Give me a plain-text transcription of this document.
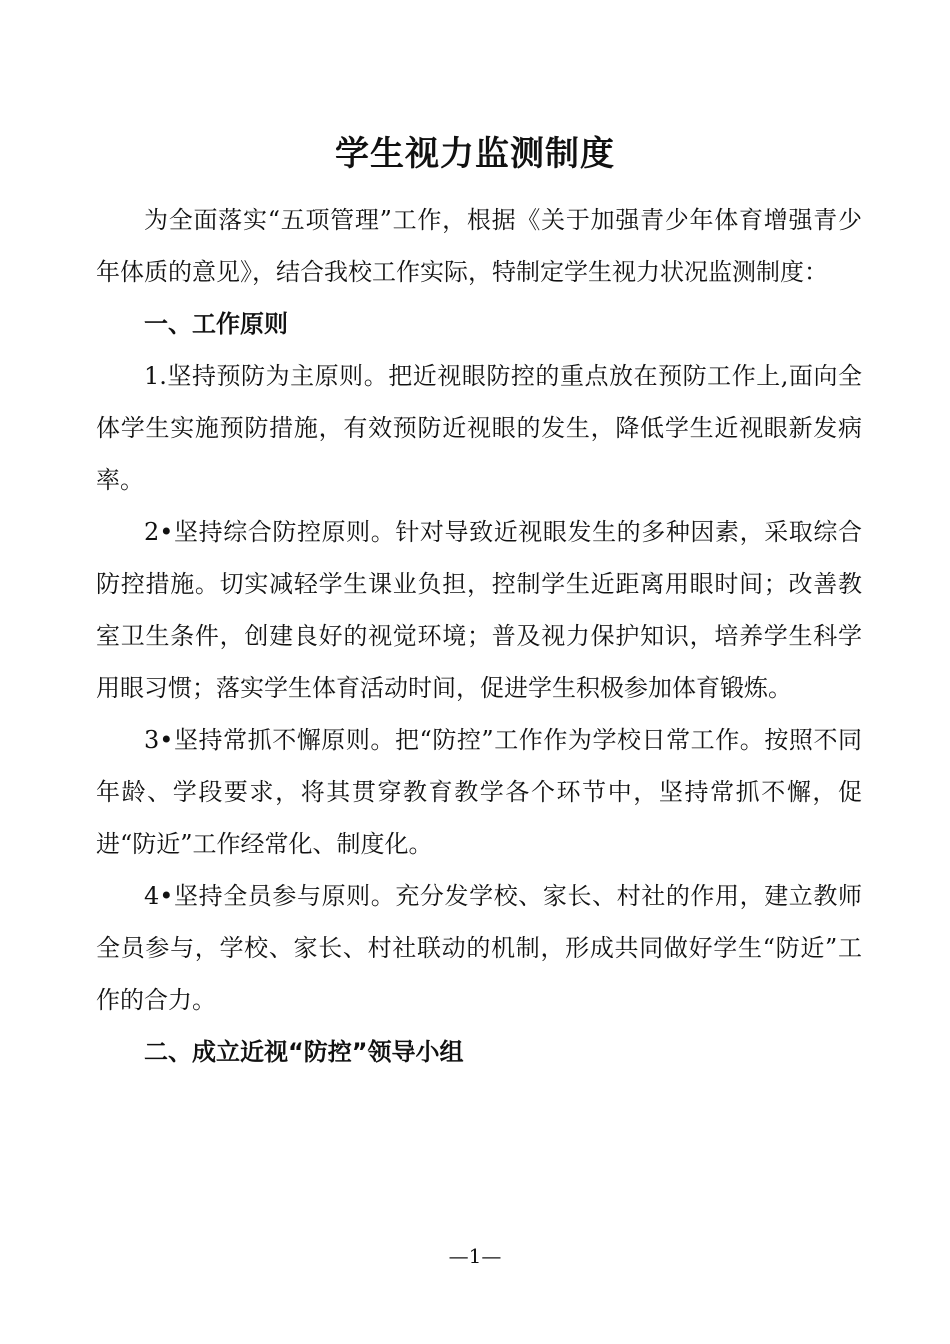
学生视力监测制度

为全面落实“五项管理”工作，根据《关于加强青少年体育增强青少年体质的意见》，结合我校工作实际，特制定学生视力状况监测制度：

一、工作原则

1.坚持预防为主原则。把近视眼防控的重点放在预防工作上,面向全体学生实施预防措施，有效预防近视眼的发生，降低学生近视眼新发病率。

2•坚持综合防控原则。针对导致近视眼发生的多种因素，采取综合防控措施。切实减轻学生课业负担，控制学生近距离用眼时间；改善教室卫生条件，创建良好的视觉环境；普及视力保护知识，培养学生科学用眼习惯；落实学生体育活动时间，促进学生积极参加体育锻炼。

3•坚持常抓不懈原则。把“防控”工作作为学校日常工作。按照不同年龄、学段要求，将其贯穿教育教学各个环节中，坚持常抓不懈，促进“防近”工作经常化、制度化。

4•坚持全员参与原则。充分发学校、家长、村社的作用，建立教师全员参与，学校、家长、村社联动的机制，形成共同做好学生“防近”工作的合力。

二、成立近视“防控”领导小组
—1—
